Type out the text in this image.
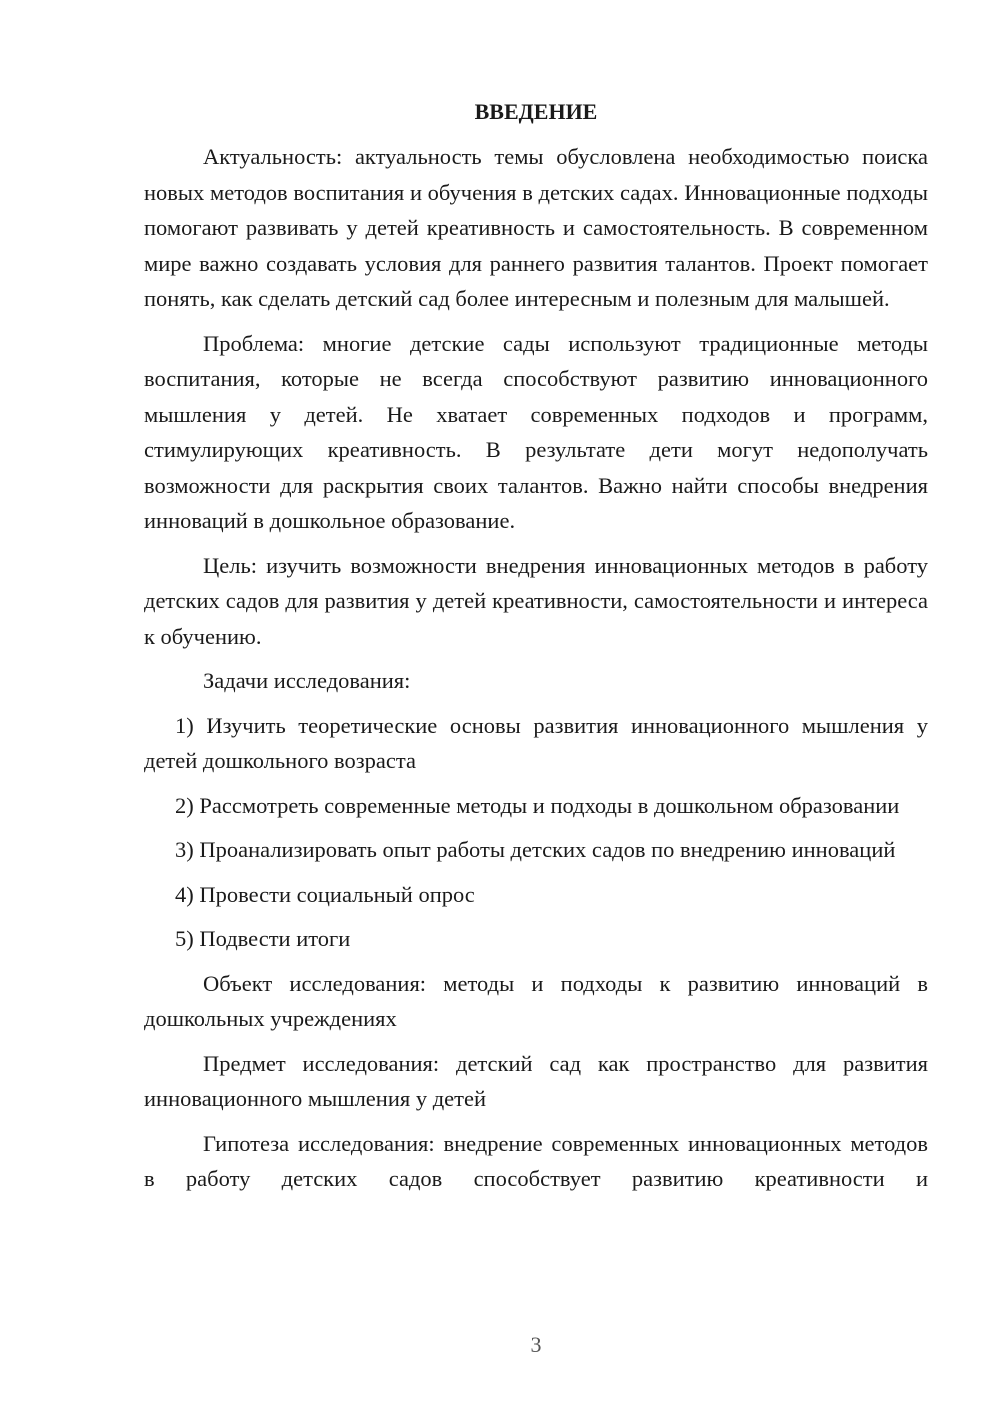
ВВЕДЕНИЕ

Актуальность: актуальность темы обусловлена необходимостью поиска новых методов воспитания и обучения в детских садах. Инновационные подходы помогают развивать у детей креативность и самостоятельность. В современном мире важно создавать условия для раннего развития талантов. Проект помогает понять, как сделать детский сад более интересным и полезным для малышей.

Проблема: многие детские сады используют традиционные методы воспитания, которые не всегда способствуют развитию инновационного мышления у детей. Не хватает современных подходов и программ, стимулирующих креативность. В результате дети могут недополучать возможности для раскрытия своих талантов. Важно найти способы внедрения инноваций в дошкольное образование.

Цель: изучить возможности внедрения инновационных методов в работу детских садов для развития у детей креативности, самостоятельности и интереса к обучению.

Задачи исследования:

1) Изучить теоретические основы развития инновационного мышления у детей дошкольного возраста

2) Рассмотреть современные методы и подходы в дошкольном образовании

3) Проанализировать опыт работы детских садов по внедрению инноваций

4) Провести социальный опрос

5) Подвести итоги

Объект исследования: методы и подходы к развитию инноваций в дошкольных учреждениях

Предмет исследования: детский сад как пространство для развития инновационного мышления у детей

Гипотеза исследования: внедрение современных инновационных методов в работу детских садов способствует развитию креативности и

3
